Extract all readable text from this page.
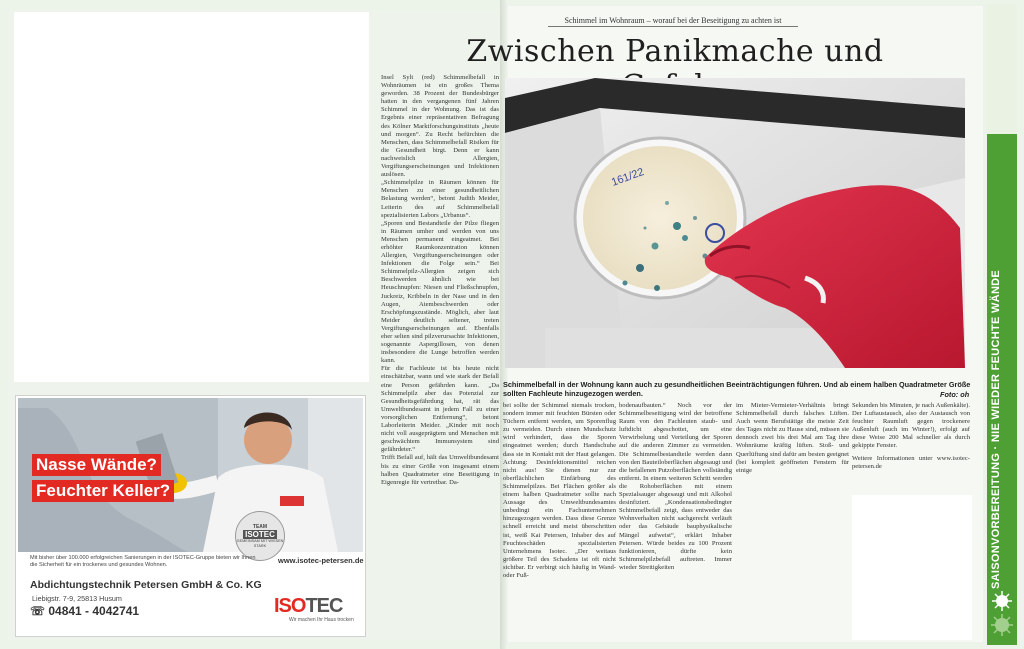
Schimmel im Wohnraum – worauf bei der Beseitigung zu achten ist
Zwischen Panikmache und
161/22

Insel Sylt (red) Schimmelbefall in Wohnräumen ist ein großes Thema geworden. 38 Prozent der Bundesbürger hatten in den vergangenen fünf Jahren Schimmel in der Wohnung. Das ist das Ergebnis einer repräsentativen Befragung des Kölner Marktforschungsinstituts „heute und morgen“. Zu Recht befürchten die Menschen, dass Schimmelbefall Risiken für die Gesundheit birgt. Denn er kann nachweislich Allergien, Vergiftungserscheinungen und Infektionen auslösen.

„Schimmelpilze in Räumen können für Menschen zu einer gesundheitlichen Belastung werden“, betont Judith Meider, Leiterin des auf Schimmelbefall spezialisierten Labors „Urbanus“.

„Sporen und Bestandteile der Pilze fliegen in Räumen umher und werden von uns Menschen permanent eingeatmet. Bei erhöhter Raumkonzentration können Allergien, Vergiftungserscheinungen oder Infektionen die Folge sein.“ Bei Schimmelpilz-Allergien zeigen sich Beschwerden ähnlich wie bei Heuschnupfen: Niesen und Fließschnupfen, Juckreiz, Kribbeln in der Nase und in den Augen, Atembeschwerden oder Erschöpfungszustände. Möglich, aber laut Meider deutlich seltener, treten Vergiftungserscheinungen auf. Ebenfalls eher selten sind pilzverursachte Infektionen, sogenannte Aspergillosen, von denen insbesondere die Lunge betroffen werden kann.

Für die Fachleute ist bis heute nicht einschätzbar, wann und wie stark der Befall eine Person gefährden kann. „Da Schimmelpilz aber das Potenzial zur Gesundheitsgefährdung hat, rät das Umweltbundesamt in jedem Fall zu einer vorsorglichen Entfernung“, betont Laborleiterin Meider. „Kinder mit noch nicht voll ausgeprägtem und Menschen mit geschwächtem Immunsystem sind gefährdeter.“

Trifft Befall auf, hält das Umweltbundesamt bis zu einer Größe von insgesamt einem halben Quadratmeter eine Beseitigung in Eigenregie für vertretbar. Da-

Schimmelbefall in der Wohnung kann auch zu gesundheitlichen Beeinträchtigungen führen. Und ab einem halben Quadratmeter Größe sollten Fachleute hinzugezogen werden.	Foto: oh
bei sollte der Schimmel niemals trocken, sondern immer mit feuchten Bürsten oder Tüchern entfernt werden, um Sporenflug zu vermeiden. Durch einen Mundschutz wird verhindert, dass die Sporen eingeatmet werden; durch Handschuhe dass sie in Kontakt mit der Haut gelangen. Achtung: Desinfektionsmittel reichen nicht aus! Sie dienen nur zur oberflächlichen Einfärbung des Schimmelpilzes. Bei Flächen größer als einem halben Quadratmeter sollte nach Aussage des Umweltbundesamtes unbedingt ein Fachunternehmen hinzugezogen werden. Dass diese Grenze schnell erreicht und meist überschritten ist, weiß Kai Petersen, Inhaber des auf Feuchteschäden spezialisierten Unternehmens Isotec. „Der weitaus größere Teil des Schadens ist oft nicht sichtbar. Er verbirgt sich häufig in Wand- oder Fuß-
bodenaufbauten.“ Noch vor der Schimmelbeseitigung wird der betroffene Raum von den Fachleuten staub- und luftdicht abgeschottet, um eine Verwirbelung und Verteilung der Sporen auf die anderen Zimmer zu vermeiden. Die Schimmelbestandteile werden dann von den Bauteiloberflächen abgesaugt und die befallenen Putzoberflächen vollständig entfernt. In einem weiteren Schritt werden die Rohoberflächen mit einem Spezialsauger abgesaugt und mit Alkohol desinfiziert. „Kondensationsbedingter Schimmelbefall zeigt, dass entweder das Wohnverhalten nicht sachgerecht verläuft oder das Gebäude bauphysikalische Mängel aufweist“, erklärt Inhaber Petersen. Würde beides zu 100 Prozent funktionieren, dürfte kein Schimmelpilzbefall auftreten. Immer wieder Streitigkeiten
im Mieter-Vermieter-Verhältnis bringt Schimmelbefall durch falsches Lüften. Auch wenn Berufstätige die meiste Zeit des Tages nicht zu Hause sind, müssen sie dennoch zwei bis drei Mal am Tag ihre Wohnräume kräftig lüften. Stoß- und Querlüftung sind dafür am besten geeignet (bei komplett geöffneten Fenstern für einige

Sekunden bis Minuten, je nach Außenkälte). Der Luftaustausch, also der Austausch von feuchter Raumluft gegen trockenere Außenluft (auch im Winter!), erfolgt auf diese Weise 200 Mal schneller als durch gekippte Fenster.

Weitere Informationen unter www.isotec-petersen.de	SAISONVORBEREITUNG · NIE WIEDER FEUCHTE WÄNDE
Nasse Wände?
Feuchter Keller?
TEAM
ISOTEC
GEMEINSAM MIT WISSEN STARK
Mit bisher über 100.000 erfolgreichen Sanierungen in der ISOTEC-Gruppe bieten wir Ihnen die Sicherheit für ein trockenes und gesundes Wohnen.	www.isotec-petersen.de
Abdichtungstechnik Petersen GmbH & Co. KG
Liebigstr. 7-9, 25813 Husum
☏ 04841 - 4042741	ISOTEC
Wir machen Ihr Haus trocken
